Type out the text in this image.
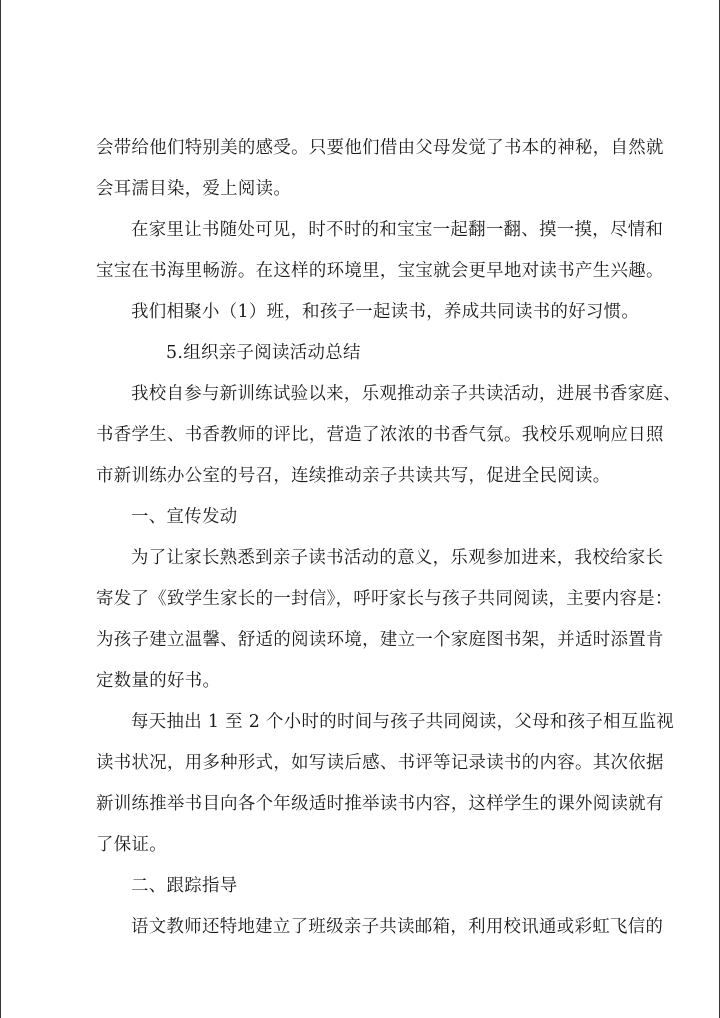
会带给他们特别美的感受。只要他们借由父母发觉了书本的神秘，自然就
会耳濡目染，爱上阅读。
在家里让书随处可见，时不时的和宝宝一起翻一翻、摸一摸，尽情和
宝宝在书海里畅游。在这样的环境里，宝宝就会更早地对读书产生兴趣。
我们相聚小（1）班，和孩子一起读书，养成共同读书的好习惯。
5.组织亲子阅读活动总结
我校自参与新训练试验以来，乐观推动亲子共读活动，进展书香家庭、
书香学生、书香教师的评比，营造了浓浓的书香气氛。我校乐观响应日照
市新训练办公室的号召，连续推动亲子共读共写，促进全民阅读。
一、宣传发动
为了让家长熟悉到亲子读书活动的意义，乐观参加进来，我校给家长
寄发了《致学生家长的一封信》，呼吁家长与孩子共同阅读，主要内容是：
为孩子建立温馨、舒适的阅读环境，建立一个家庭图书架，并适时添置肯
定数量的好书。
每天抽出 1 至 2 个小时的时间与孩子共同阅读，父母和孩子相互监视
读书状况，用多种形式，如写读后感、书评等记录读书的内容。其次依据
新训练推举书目向各个年级适时推举读书内容，这样学生的课外阅读就有
了保证。
二、跟踪指导
语文教师还特地建立了班级亲子共读邮箱，利用校讯通或彩虹飞信的
